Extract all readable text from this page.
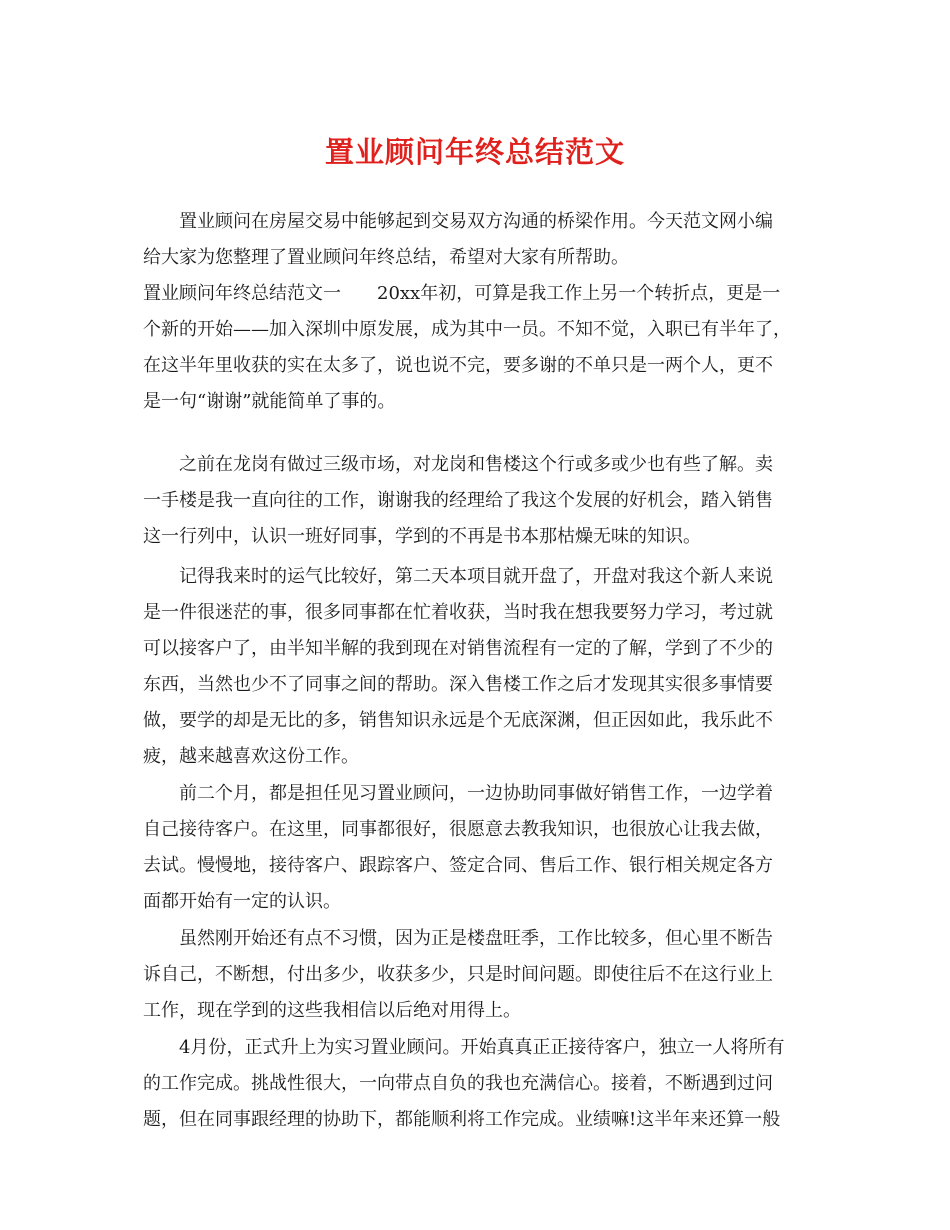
置业顾问年终总结范文
置业顾问在房屋交易中能够起到交易双方沟通的桥梁作用。今天范文网小编
给大家为您整理了置业顾问年终总结，希望对大家有所帮助。
置业顾问年终总结范文一 20xx年初，可算是我工作上另一个转折点，更是一
个新的开始——加入深圳中原发展，成为其中一员。不知不觉，入职已有半年了，
在这半年里收获的实在太多了，说也说不完，要多谢的不单只是一两个人，更不
是一句“谢谢”就能简单了事的。
之前在龙岗有做过三级市场，对龙岗和售楼这个行或多或少也有些了解。卖
一手楼是我一直向往的工作，谢谢我的经理给了我这个发展的好机会，踏入销售
这一行列中，认识一班好同事，学到的不再是书本那枯燥无味的知识。
记得我来时的运气比较好，第二天本项目就开盘了，开盘对我这个新人来说
是一件很迷茫的事，很多同事都在忙着收获，当时我在想我要努力学习，考过就
可以接客户了，由半知半解的我到现在对销售流程有一定的了解，学到了不少的
东西，当然也少不了同事之间的帮助。深入售楼工作之后才发现其实很多事情要
做，要学的却是无比的多，销售知识永远是个无底深渊，但正因如此，我乐此不
疲，越来越喜欢这份工作。
前二个月，都是担任见习置业顾问，一边协助同事做好销售工作，一边学着
自己接待客户。在这里，同事都很好，很愿意去教我知识，也很放心让我去做，
去试。慢慢地，接待客户、跟踪客户、签定合同、售后工作、银行相关规定各方
面都开始有一定的认识。
虽然刚开始还有点不习惯，因为正是楼盘旺季，工作比较多，但心里不断告
诉自己，不断想，付出多少，收获多少，只是时间问题。即使往后不在这行业上
工作，现在学到的这些我相信以后绝对用得上。
4月份，正式升上为实习置业顾问。开始真真正正接待客户，独立一人将所有
的工作完成。挑战性很大，一向带点自负的我也充满信心。接着，不断遇到过问
题，但在同事跟经理的协助下，都能顺利将工作完成。业绩嘛!这半年来还算一般
